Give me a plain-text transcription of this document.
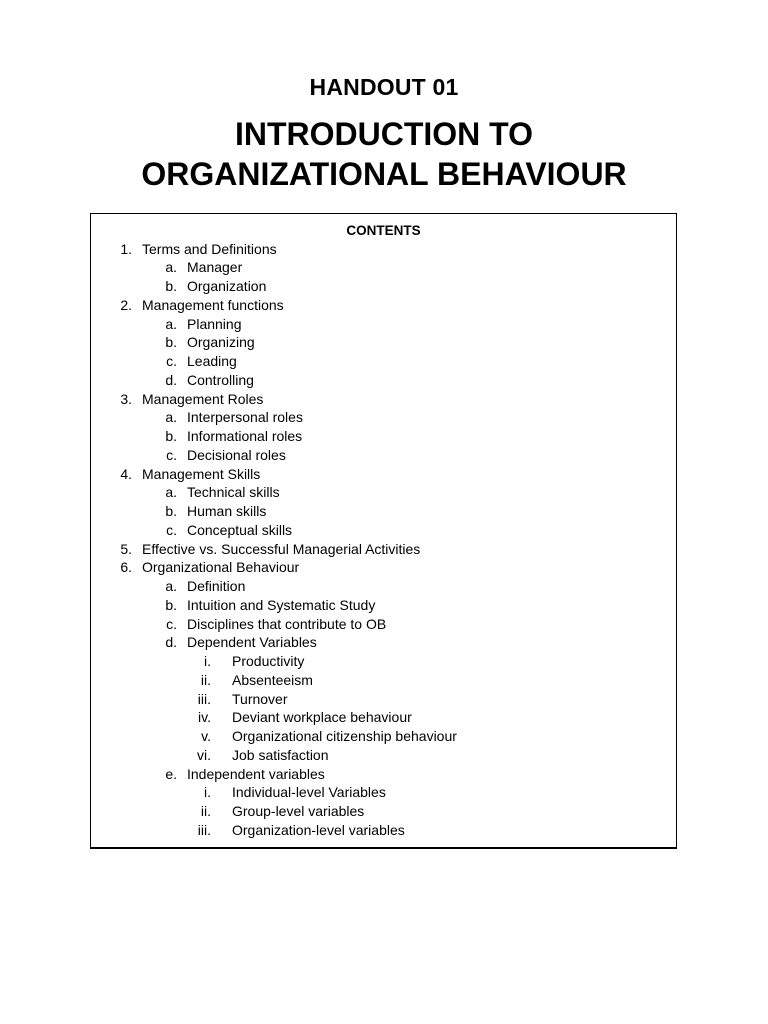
HANDOUT 01
INTRODUCTION TO
ORGANIZATIONAL BEHAVIOUR
CONTENTS
1. Terms and Definitions
a. Manager
b. Organization
2. Management functions
a. Planning
b. Organizing
c. Leading
d. Controlling
3. Management Roles
a. Interpersonal roles
b. Informational roles
c. Decisional roles
4. Management Skills
a. Technical skills
b. Human skills
c. Conceptual skills
5. Effective vs. Successful Managerial Activities
6. Organizational Behaviour
a. Definition
b. Intuition and Systematic Study
c. Disciplines that contribute to OB
d. Dependent Variables
i. Productivity
ii. Absenteeism
iii. Turnover
iv. Deviant workplace behaviour
v. Organizational citizenship behaviour
vi. Job satisfaction
e. Independent variables
i. Individual-level Variables
ii. Group-level variables
iii. Organization-level variables
